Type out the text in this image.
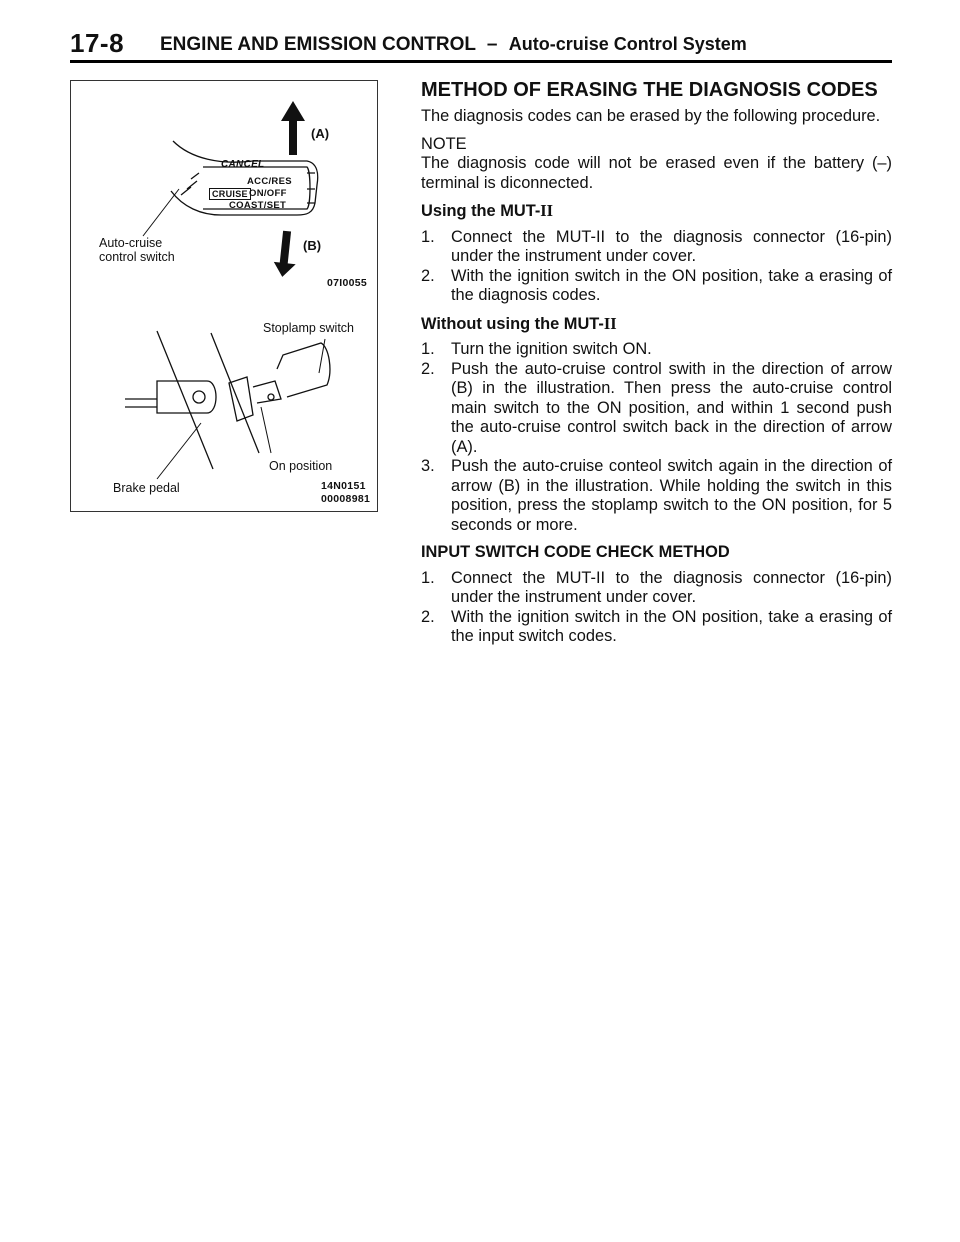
17-8 ENGINE AND EMISSION CONTROL – Auto-cruise Control System
(A)
(B)
CANCEL
ACC/RES
CRUISE ON/OFF
COAST/SET
Auto-cruise
control switch
07I0055
Stoplamp switch
On position
Brake pedal	14N0151
00008981
METHOD OF ERASING THE DIAGNOSIS CODES
The diagnosis codes can be erased by the following procedure.
NOTE
The diagnosis code will not be erased even if the battery (–) terminal is diconnected.
Using the MUT-II
1. Connect the MUT-II to the diagnosis connector (16-pin) under the instrument under cover.
2. With the ignition switch in the ON position, take a erasing of the diagnosis codes.
Without using the MUT-II
1. Turn the ignition switch ON.
2. Push the auto-cruise control swith in the direction of arrow (B) in the illustration. Then press the auto-cruise control main switch to the ON position, and within 1 second push the auto-cruise control switch back in the direction of arrow (A).
3. Push the auto-cruise conteol switch again in the direction of arrow (B) in the illustration. While holding the switch in this position, press the stoplamp switch to the ON position, for 5 seconds or more.
INPUT SWITCH CODE CHECK METHOD
1. Connect the MUT-II to the diagnosis connector (16-pin) under the instrument under cover.
2. With the ignition switch in the ON position, take a erasing of the input switch codes.
